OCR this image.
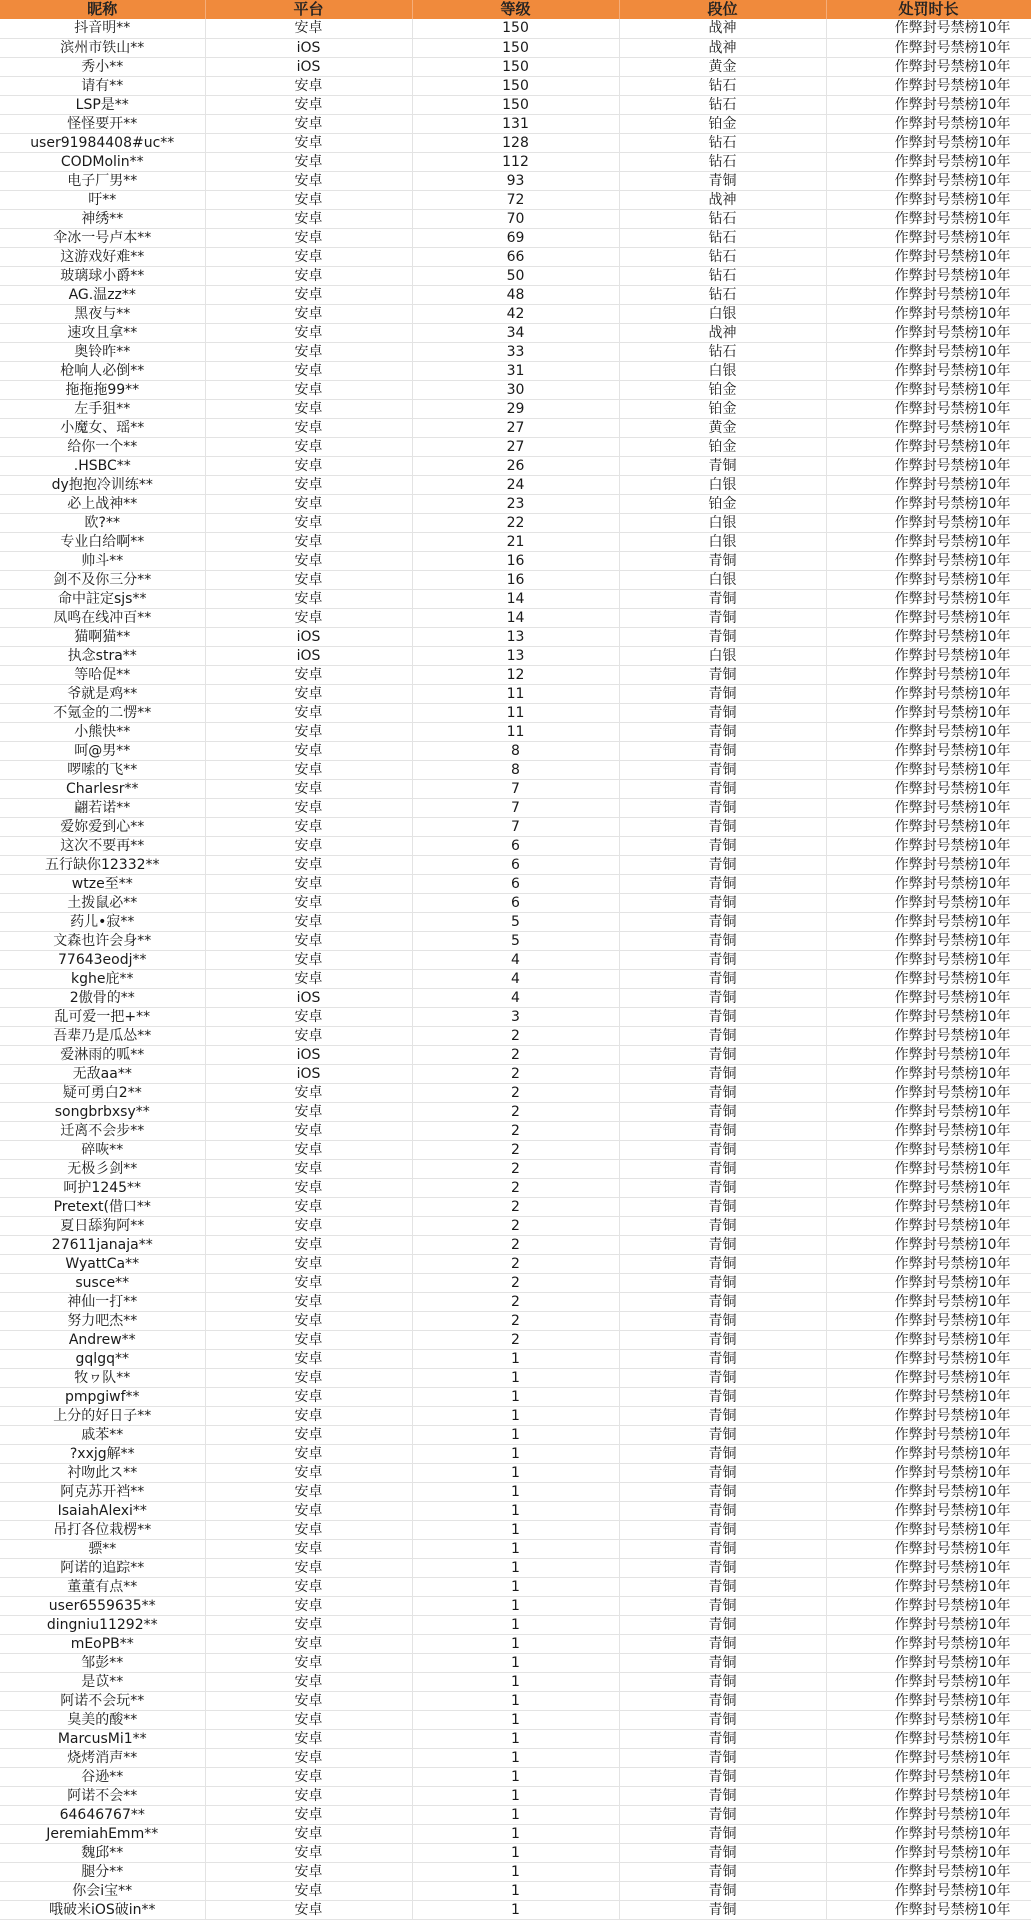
昵称	平台	等级	段位	处罚时长
抖音明**	安卓	150	战神	作弊封号禁榜10年
滨州市铁山**	iOS	150	战神	作弊封号禁榜10年
秀小**	iOS	150	黄金	作弊封号禁榜10年
请有**	安卓	150	钻石	作弊封号禁榜10年
LSP是**	安卓	150	钻石	作弊封号禁榜10年
怪怪要开**	安卓	131	铂金	作弊封号禁榜10年
user91984408#uc**	安卓	128	钻石	作弊封号禁榜10年
CODMolin**	安卓	112	钻石	作弊封号禁榜10年
电子厂男**	安卓	93	青铜	作弊封号禁榜10年
吁**	安卓	72	战神	作弊封号禁榜10年
神绣**	安卓	70	钻石	作弊封号禁榜10年
伞冰一号卢本**	安卓	69	钻石	作弊封号禁榜10年
这游戏好难**	安卓	66	钻石	作弊封号禁榜10年
玻璃球小爵**	安卓	50	钻石	作弊封号禁榜10年
AG.温zz**	安卓	48	钻石	作弊封号禁榜10年
黑夜与**	安卓	42	白银	作弊封号禁榜10年
速攻且拿**	安卓	34	战神	作弊封号禁榜10年
奥铃昨**	安卓	33	钻石	作弊封号禁榜10年
枪响人必倒**	安卓	31	白银	作弊封号禁榜10年
拖拖拖99**	安卓	30	铂金	作弊封号禁榜10年
左手狙**	安卓	29	铂金	作弊封号禁榜10年
小魔女、瑶**	安卓	27	黄金	作弊封号禁榜10年
给你一个**	安卓	27	铂金	作弊封号禁榜10年
.HSBC**	安卓	26	青铜	作弊封号禁榜10年
dy抱抱冷训练**	安卓	24	白银	作弊封号禁榜10年
必上战神**	安卓	23	铂金	作弊封号禁榜10年
欧?**	安卓	22	白银	作弊封号禁榜10年
专业白给啊**	安卓	21	白银	作弊封号禁榜10年
帅斗**	安卓	16	青铜	作弊封号禁榜10年
剑不及你三分**	安卓	16	白银	作弊封号禁榜10年
命中註定sjs**	安卓	14	青铜	作弊封号禁榜10年
凤鸣在线冲百**	安卓	14	青铜	作弊封号禁榜10年
猫啊猫**	iOS	13	青铜	作弊封号禁榜10年
执念stra**	iOS	13	白银	作弊封号禁榜10年
等哈促**	安卓	12	青铜	作弊封号禁榜10年
爷就是鸡**	安卓	11	青铜	作弊封号禁榜10年
不氪金的二愣**	安卓	11	青铜	作弊封号禁榜10年
小熊快**	安卓	11	青铜	作弊封号禁榜10年
呵@男**	安卓	8	青铜	作弊封号禁榜10年
啰嗦的飞**	安卓	8	青铜	作弊封号禁榜10年
Charlesr**	安卓	7	青铜	作弊封号禁榜10年
翩若诺**	安卓	7	青铜	作弊封号禁榜10年
爱妳爱到心**	安卓	7	青铜	作弊封号禁榜10年
这次不要再**	安卓	6	青铜	作弊封号禁榜10年
五行缺你12332**	安卓	6	青铜	作弊封号禁榜10年
wtze至**	安卓	6	青铜	作弊封号禁榜10年
土拨鼠必**	安卓	6	青铜	作弊封号禁榜10年
药儿•寂**	安卓	5	青铜	作弊封号禁榜10年
文森也许会身**	安卓	5	青铜	作弊封号禁榜10年
77643eodj**	安卓	4	青铜	作弊封号禁榜10年
kghe庇**	安卓	4	青铜	作弊封号禁榜10年
2傲骨的**	iOS	4	青铜	作弊封号禁榜10年
乱可爱一把+**	安卓	3	青铜	作弊封号禁榜10年
吾辈乃是瓜怂**	安卓	2	青铜	作弊封号禁榜10年
爱淋雨的呱**	iOS	2	青铜	作弊封号禁榜10年
无敌aa**	iOS	2	青铜	作弊封号禁榜10年
疑可勇白2**	安卓	2	青铜	作弊封号禁榜10年
songbrbxsy**	安卓	2	青铜	作弊封号禁榜10年
迁离不会步**	安卓	2	青铜	作弊封号禁榜10年
碎咴**	安卓	2	青铜	作弊封号禁榜10年
无极彡剑**	安卓	2	青铜	作弊封号禁榜10年
呵护1245**	安卓	2	青铜	作弊封号禁榜10年
Pretext(借口**	安卓	2	青铜	作弊封号禁榜10年
夏日舔狗阿**	安卓	2	青铜	作弊封号禁榜10年
27611janaja**	安卓	2	青铜	作弊封号禁榜10年
WyattCa**	安卓	2	青铜	作弊封号禁榜10年
susce**	安卓	2	青铜	作弊封号禁榜10年
神仙一打**	安卓	2	青铜	作弊封号禁榜10年
努力吧杰**	安卓	2	青铜	作弊封号禁榜10年
Andrew**	安卓	2	青铜	作弊封号禁榜10年
gqlgq**	安卓	1	青铜	作弊封号禁榜10年
牧ヮ队**	安卓	1	青铜	作弊封号禁榜10年
pmpgiwf**	安卓	1	青铜	作弊封号禁榜10年
上分的好日子**	安卓	1	青铜	作弊封号禁榜10年
戚苯**	安卓	1	青铜	作弊封号禁榜10年
?xxjg解**	安卓	1	青铜	作弊封号禁榜10年
衬吻此ス**	安卓	1	青铜	作弊封号禁榜10年
阿克苏开裆**	安卓	1	青铜	作弊封号禁榜10年
IsaiahAlexi**	安卓	1	青铜	作弊封号禁榜10年
吊打各位栽楞**	安卓	1	青铜	作弊封号禁榜10年
骠**	安卓	1	青铜	作弊封号禁榜10年
阿诺的追踪**	安卓	1	青铜	作弊封号禁榜10年
董董有点**	安卓	1	青铜	作弊封号禁榜10年
user6559635**	安卓	1	青铜	作弊封号禁榜10年
dingniu11292**	安卓	1	青铜	作弊封号禁榜10年
mEoPB**	安卓	1	青铜	作弊封号禁榜10年
邹彭**	安卓	1	青铜	作弊封号禁榜10年
是苡**	安卓	1	青铜	作弊封号禁榜10年
阿诺不会玩**	安卓	1	青铜	作弊封号禁榜10年
臭美的酸**	安卓	1	青铜	作弊封号禁榜10年
MarcusMi1**	安卓	1	青铜	作弊封号禁榜10年
烧烤消声**	安卓	1	青铜	作弊封号禁榜10年
谷逊**	安卓	1	青铜	作弊封号禁榜10年
阿诺不会**	安卓	1	青铜	作弊封号禁榜10年
64646767**	安卓	1	青铜	作弊封号禁榜10年
JeremiahEmm**	安卓	1	青铜	作弊封号禁榜10年
魏邱**	安卓	1	青铜	作弊封号禁榜10年
腿分**	安卓	1	青铜	作弊封号禁榜10年
你会i宝**	安卓	1	青铜	作弊封号禁榜10年
哦破米iOS破in**	安卓	1	青铜	作弊封号禁榜10年
